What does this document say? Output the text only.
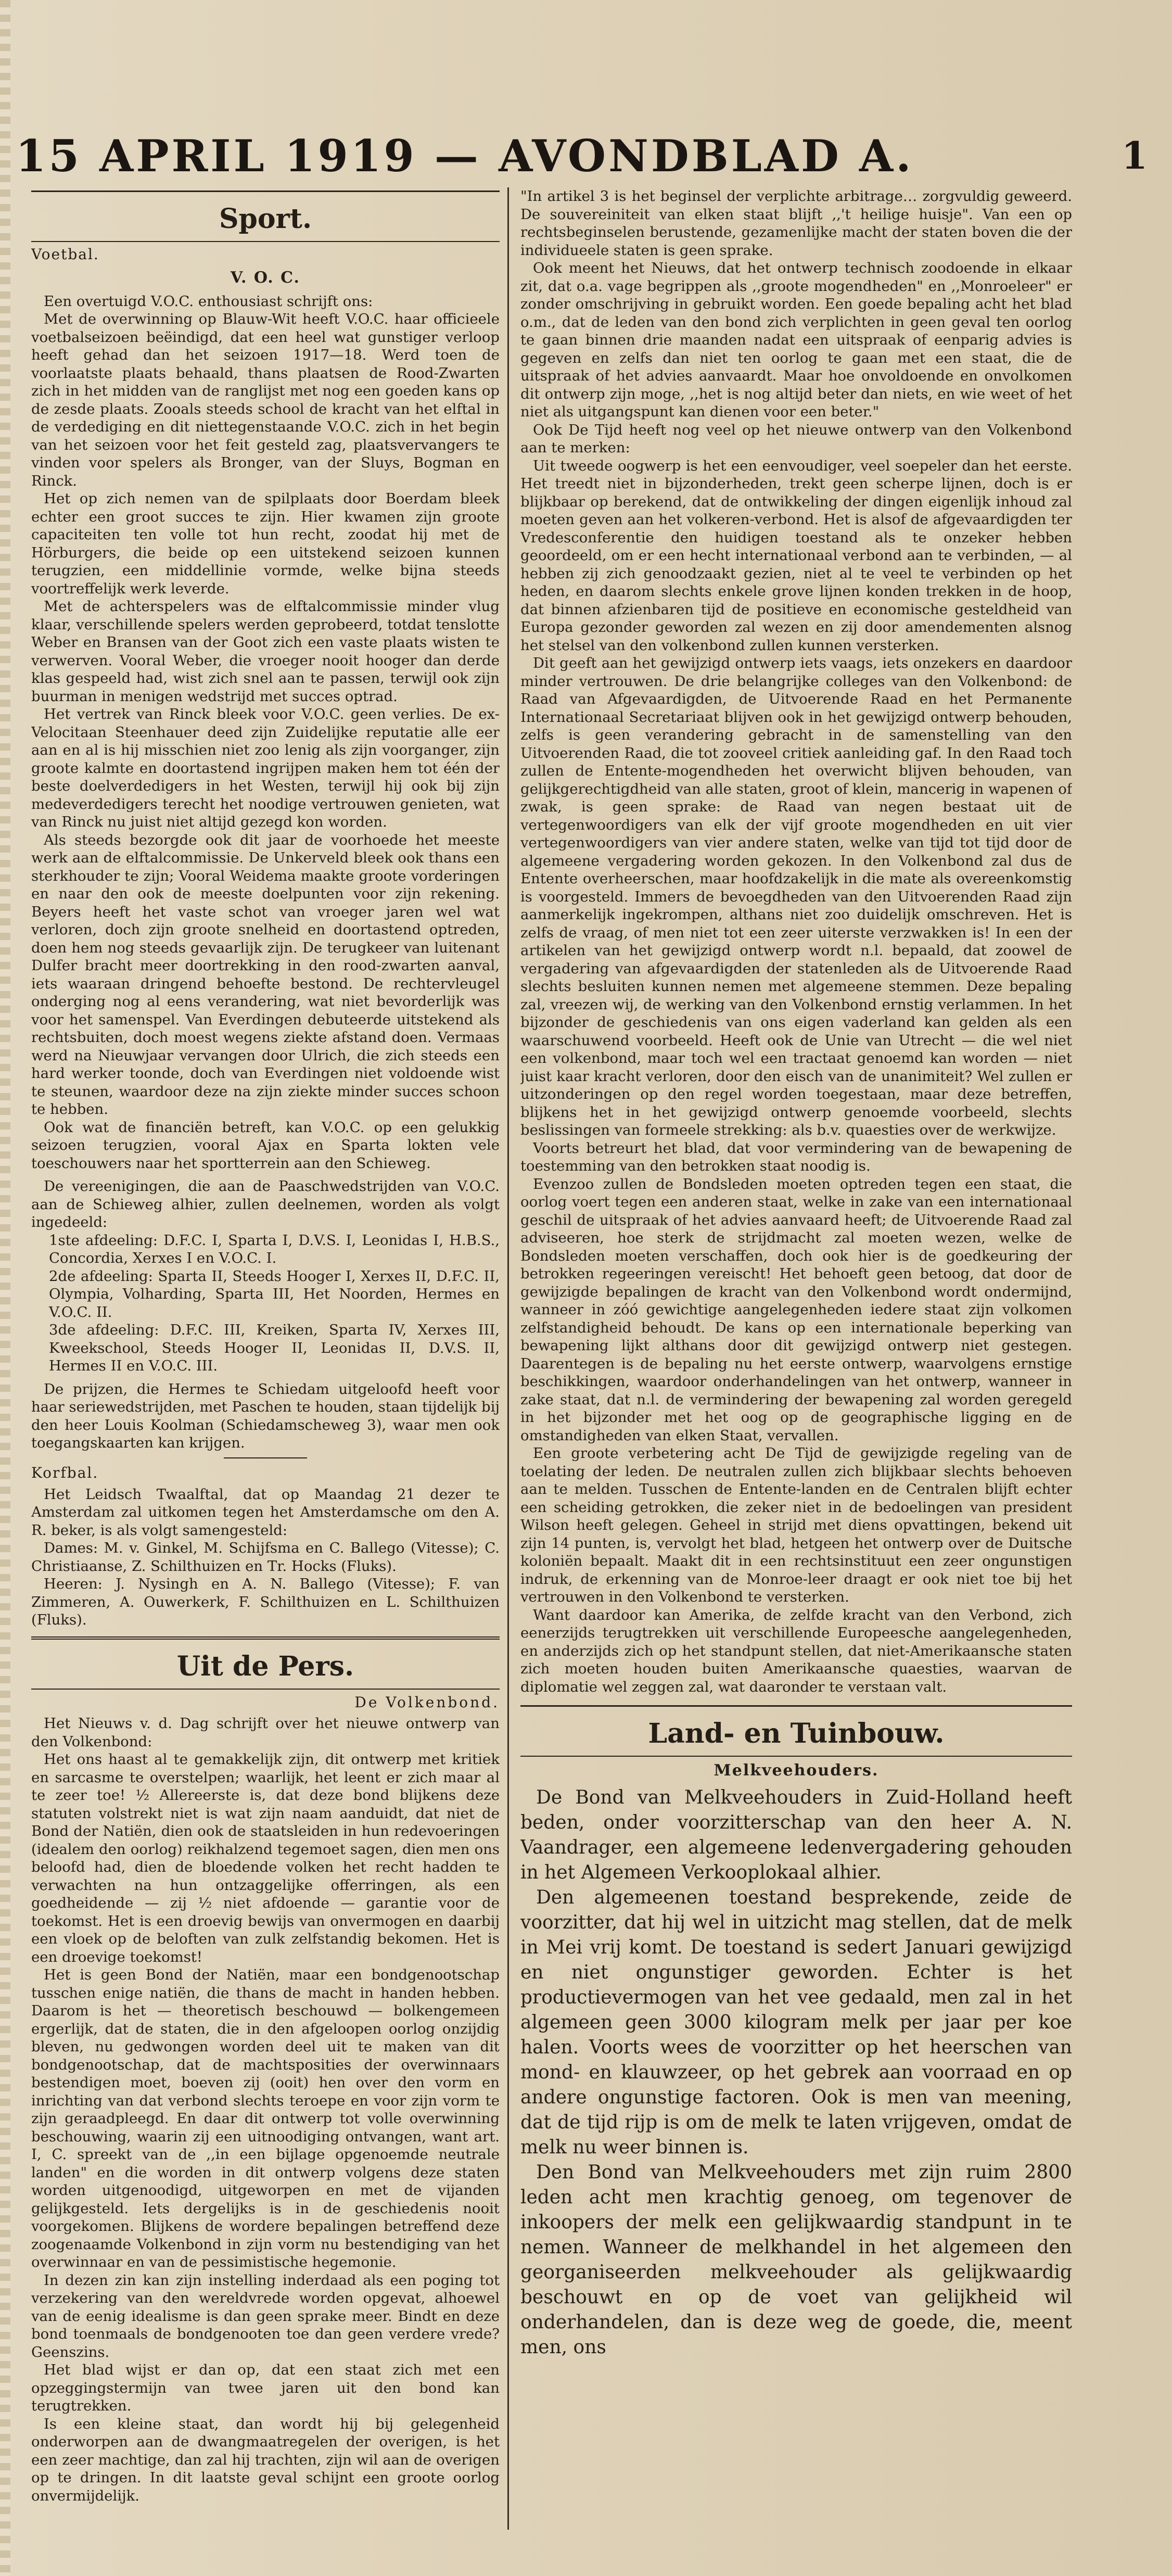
15 APRIL 1919 — AVONDBLAD A.	1
Sport.
Voetbal.
V. O. C.

Een overtuigd V.O.C. enthousiast schrijft ons:

Met de overwinning op Blauw-Wit heeft V.O.C. haar officieele voetbalseizoen beëindigd, dat een heel wat gunstiger verloop heeft gehad dan het seizoen 1917—18. Werd toen de voorlaatste plaats behaald, thans plaatsen de Rood-Zwarten zich in het midden van de ranglijst met nog een goeden kans op de zesde plaats. Zooals steeds school de kracht van het elftal in de verdediging en dit niettegenstaande V.O.C. zich in het begin van het seizoen voor het feit gesteld zag, plaatsvervangers te vinden voor spelers als Bronger, van der Sluys, Bogman en Rinck.

Het op zich nemen van de spilplaats door Boerdam bleek echter een groot succes te zijn. Hier kwamen zijn groote capaciteiten ten volle tot hun recht, zoodat hij met de Hörburgers, die beide op een uitstekend seizoen kunnen terugzien, een middellinie vormde, welke bijna steeds voortreffelijk werk leverde.

Met de achterspelers was de elftalcommissie minder vlug klaar, verschillende spelers werden geprobeerd, totdat tenslotte Weber en Bransen van der Goot zich een vaste plaats wisten te verwerven. Vooral Weber, die vroeger nooit hooger dan derde klas gespeeld had, wist zich snel aan te passen, terwijl ook zijn buurman in menigen wedstrijd met succes optrad.

Het vertrek van Rinck bleek voor V.O.C. geen verlies. De ex-Velocitaan Steenhauer deed zijn Zuidelijke reputatie alle eer aan en al is hij misschien niet zoo lenig als zijn voorganger, zijn groote kalmte en doortastend ingrijpen maken hem tot één der beste doelverdedigers in het Westen, terwijl hij ook bij zijn medeverdedigers terecht het noodige vertrouwen genieten, wat van Rinck nu juist niet altijd gezegd kon worden.

Als steeds bezorgde ook dit jaar de voorhoede het meeste werk aan de elftalcommissie. De Unkerveld bleek ook thans een sterkhouder te zijn; Vooral Weidema maakte groote vorderingen en naar den ook de meeste doelpunten voor zijn rekening. Beyers heeft het vaste schot van vroeger jaren wel wat verloren, doch zijn groote snelheid en doortastend optreden, doen hem nog steeds gevaarlijk zijn. De terugkeer van luitenant Dulfer bracht meer doortrekking in den rood-zwarten aanval, iets waaraan dringend behoefte bestond. De rechtervleugel onderging nog al eens verandering, wat niet bevorderlijk was voor het samenspel. Van Everdingen debuteerde uitstekend als rechtsbuiten, doch moest wegens ziekte afstand doen. Vermaas werd na Nieuwjaar vervangen door Ulrich, die zich steeds een hard werker toonde, doch van Everdingen niet voldoende wist te steunen, waardoor deze na zijn ziekte minder succes schoon te hebben.

Ook wat de financiën betreft, kan V.O.C. op een gelukkig seizoen terugzien, vooral Ajax en Sparta lokten vele toeschouwers naar het sportterrein aan den Schieweg.

De vereenigingen, die aan de Paaschwedstrijden van V.O.C. aan de Schieweg alhier, zullen deelnemen, worden als volgt ingedeeld:

1ste afdeeling: D.F.C. I, Sparta I, D.V.S. I, Leonidas I, H.B.S., Concordia, Xerxes I en V.O.C. I.

2de afdeeling: Sparta II, Steeds Hooger I, Xerxes II, D.F.C. II, Olympia, Volharding, Sparta III, Het Noorden, Hermes en V.O.C. II.

3de afdeeling: D.F.C. III, Kreiken, Sparta IV, Xerxes III, Kweekschool, Steeds Hooger II, Leonidas II, D.V.S. II, Hermes II en V.O.C. III.

De prijzen, die Hermes te Schiedam uitgeloofd heeft voor haar seriewedstrijden, met Paschen te houden, staan tijdelijk bij den heer Louis Koolman (Schiedamscheweg 3), waar men ook toegangskaarten kan krijgen.

Korfbal.

Het Leidsch Twaalftal, dat op Maandag 21 dezer te Amsterdam zal uitkomen tegen het Amsterdamsche om den A. R. beker, is als volgt samengesteld:

Dames: M. v. Ginkel, M. Schijfsma en C. Ballego (Vitesse); C. Christiaanse, Z. Schilthuizen en Tr. Hocks (Fluks).

Heeren: J. Nysingh en A. N. Ballego (Vitesse); F. van Zimmeren, A. Ouwerkerk, F. Schilthuizen en L. Schilthuizen (Fluks).

Uit de Pers.
De Volkenbond.

Het Nieuws v. d. Dag schrijft over het nieuwe ontwerp van den Volkenbond:

Het ons haast al te gemakkelijk zijn, dit ontwerp met kritiek en sarcasme te overstelpen; waarlijk, het leent er zich maar al te zeer toe! ½ Allereerste is, dat deze bond blijkens deze statuten volstrekt niet is wat zijn naam aanduidt, dat niet de Bond der Natiën, dien ook de staatsleiden in hun redevoeringen (idealem den oorlog) reikhalzend tegemoet sagen, dien men ons beloofd had, dien de bloedende volken het recht hadden te verwachten na hun ontzaggelijke offerringen, als een goedheidende — zij ½ niet afdoende — garantie voor de toekomst. Het is een droevig bewijs van onvermogen en daarbij een vloek op de beloften van zulk zelfstandig bekomen. Het is een droevige toekomst!

Het is geen Bond der Natiën, maar een bondgenootschap tusschen enige natiën, die thans de macht in handen hebben. Daarom is het — theoretisch beschouwd — bolkengemeen ergerlijk, dat de staten, die in den afgeloopen oorlog onzijdig bleven, nu gedwongen worden deel uit te maken van dit bondgenootschap, dat de machtsposities der overwinnaars bestendigen moet, boeven zij (ooit) hen over den vorm en inrichting van dat verbond slechts teroepe en voor zijn vorm te zijn geraadpleegd. En daar dit ontwerp tot volle overwinning beschouwing, waarin zij een uitnoodiging ontvangen, want art. I, C. spreekt van de ,,in een bijlage opgenoemde neutrale landen" en die worden in dit ontwerp volgens deze staten worden uitgenoodigd, uitgeworpen en met de vijanden gelijkgesteld. Iets dergelijks is in de geschiedenis nooit voorgekomen. Blijkens de wordere bepalingen betreffend deze zoogenaamde Volkenbond in zijn vorm nu bestendiging van het overwinnaar en van de pessimistische hegemonie.

In dezen zin kan zijn instelling inderdaad als een poging tot verzekering van den wereldvrede worden opgevat, alhoewel van de eenig idealisme is dan geen sprake meer. Bindt en deze bond toenmaals de bondgenooten toe dan geen verdere vrede? Geenszins.

Het blad wijst er dan op, dat een staat zich met een opzeggingstermijn van twee jaren uit den bond kan terugtrekken.

Is een kleine staat, dan wordt hij bij gelegenheid onderworpen aan de dwangmaatregelen der overigen, is het een zeer machtige, dan zal hij trachten, zijn wil aan de overigen op te dringen. In dit laatste geval schijnt een groote oorlog onvermijdelijk.

"In artikel 3 is het beginsel der verplichte arbitrage… zorgvuldig geweerd. De souvereiniteit van elken staat blijft ,,'t heilige huisje". Van een op rechtsbeginselen berustende, gezamenlijke macht der staten boven die der individueele staten is geen sprake.

Ook meent het Nieuws, dat het ontwerp technisch zoodoende in elkaar zit, dat o.a. vage begrippen als ,,groote mogendheden" en ,,Monroeleer" er zonder omschrijving in gebruikt worden. Een goede bepaling acht het blad o.m., dat de leden van den bond zich verplichten in geen geval ten oorlog te gaan binnen drie maanden nadat een uitspraak of eenparig advies is gegeven en zelfs dan niet ten oorlog te gaan met een staat, die de uitspraak of het advies aanvaardt. Maar hoe onvoldoende en onvolkomen dit ontwerp zijn moge, ,,het is nog altijd beter dan niets, en wie weet of het niet als uitgangspunt kan dienen voor een beter."

Ook De Tijd heeft nog veel op het nieuwe ontwerp van den Volkenbond aan te merken:

Uit tweede oogwerp is het een eenvoudiger, veel soepeler dan het eerste. Het treedt niet in bijzonderheden, trekt geen scherpe lijnen, doch is er blijkbaar op berekend, dat de ontwikkeling der dingen eigenlijk inhoud zal moeten geven aan het volkeren-verbond. Het is alsof de afgevaardigden ter Vredesconferentie den huidigen toestand als te onzeker hebben geoordeeld, om er een hecht internationaal verbond aan te verbinden, — al hebben zij zich genoodzaakt gezien, niet al te veel te verbinden op het heden, en daarom slechts enkele grove lijnen konden trekken in de hoop, dat binnen afzienbaren tijd de positieve en economische gesteldheid van Europa gezonder geworden zal wezen en zij door amendementen alsnog het stelsel van den volkenbond zullen kunnen versterken.

Dit geeft aan het gewijzigd ontwerp iets vaags, iets onzekers en daardoor minder vertrouwen. De drie belangrijke colleges van den Volkenbond: de Raad van Afgevaardigden, de Uitvoerende Raad en het Permanente Internationaal Secretariaat blijven ook in het gewijzigd ontwerp behouden, zelfs is geen verandering gebracht in de samenstelling van den Uitvoerenden Raad, die tot zooveel critiek aanleiding gaf. In den Raad toch zullen de Entente-mogendheden het overwicht blijven behouden, van gelijkgerechtigdheid van alle staten, groot of klein, mancerig in wapenen of zwak, is geen sprake: de Raad van negen bestaat uit de vertegenwoordigers van elk der vijf groote mogendheden en uit vier vertegenwoordigers van vier andere staten, welke van tijd tot tijd door de algemeene vergadering worden gekozen. In den Volkenbond zal dus de Entente overheerschen, maar hoofdzakelijk in die mate als overeenkomstig is voorgesteld. Immers de bevoegdheden van den Uitvoerenden Raad zijn aanmerkelijk ingekrompen, althans niet zoo duidelijk omschreven. Het is zelfs de vraag, of men niet tot een zeer uiterste verzwakken is! In een der artikelen van het gewijzigd ontwerp wordt n.l. bepaald, dat zoowel de vergadering van afgevaardigden der statenleden als de Uitvoerende Raad slechts besluiten kunnen nemen met algemeene stemmen. Deze bepaling zal, vreezen wij, de werking van den Volkenbond ernstig verlammen. In het bijzonder de geschiedenis van ons eigen vaderland kan gelden als een waarschuwend voorbeeld. Heeft ook de Unie van Utrecht — die wel niet een volkenbond, maar toch wel een tractaat genoemd kan worden — niet juist kaar kracht verloren, door den eisch van de unanimiteit? Wel zullen er uitzonderingen op den regel worden toegestaan, maar deze betreffen, blijkens het in het gewijzigd ontwerp genoemde voorbeeld, slechts beslissingen van formeele strekking: als b.v. quaesties over de werkwijze.

Voorts betreurt het blad, dat voor vermindering van de bewapening de toestemming van den betrokken staat noodig is.

Evenzoo zullen de Bondsleden moeten optreden tegen een staat, die oorlog voert tegen een anderen staat, welke in zake van een internationaal geschil de uitspraak of het advies aanvaard heeft; de Uitvoerende Raad zal adviseeren, hoe sterk de strijdmacht zal moeten wezen, welke de Bondsleden moeten verschaffen, doch ook hier is de goedkeuring der betrokken regeeringen vereischt! Het behoeft geen betoog, dat door de gewijzigde bepalingen de kracht van den Volkenbond wordt ondermijnd, wanneer in zóó gewichtige aangelegenheden iedere staat zijn volkomen zelfstandigheid behoudt. De kans op een internationale beperking van bewapening lijkt althans door dit gewijzigd ontwerp niet gestegen. Daarentegen is de bepaling nu het eerste ontwerp, waarvolgens ernstige beschikkingen, waardoor onderhandelingen van het ontwerp, wanneer in zake staat, dat n.l. de vermindering der bewapening zal worden geregeld in het bijzonder met het oog op de geographische ligging en de omstandigheden van elken Staat, vervallen.

Een groote verbetering acht De Tijd de gewijzigde regeling van de toelating der leden. De neutralen zullen zich blijkbaar slechts behoeven aan te melden. Tusschen de Entente-landen en de Centralen blijft echter een scheiding getrokken, die zeker niet in de bedoelingen van president Wilson heeft gelegen. Geheel in strijd met diens opvattingen, bekend uit zijn 14 punten, is, vervolgt het blad, hetgeen het ontwerp over de Duitsche koloniën bepaalt. Maakt dit in een rechtsinstituut een zeer ongunstigen indruk, de erkenning van de Monroe-leer draagt er ook niet toe bij het vertrouwen in den Volkenbond te versterken.

Want daardoor kan Amerika, de zelfde kracht van den Verbond, zich eenerzijds terugtrekken uit verschillende Europeesche aangelegenheden, en anderzijds zich op het standpunt stellen, dat niet-Amerikaansche staten zich moeten houden buiten Amerikaansche quaesties, waarvan de diplomatie wel zeggen zal, wat daaronder te verstaan valt.

Land- en Tuinbouw.
Melkveehouders.

De Bond van Melkveehouders in Zuid-Holland heeft beden, onder voorzitterschap van den heer A. N. Vaandrager, een algemeene ledenvergadering gehouden in het Algemeen Verkooplokaal alhier.

Den algemeenen toestand besprekende, zeide de voorzitter, dat hij wel in uitzicht mag stellen, dat de melk in Mei vrij komt. De toestand is sedert Januari gewijzigd en niet ongunstiger geworden. Echter is het productievermogen van het vee gedaald, men zal in het algemeen geen 3000 kilogram melk per jaar per koe halen. Voorts wees de voorzitter op het heerschen van mond- en klauwzeer, op het gebrek aan voorraad en op andere ongunstige factoren. Ook is men van meening, dat de tijd rijp is om de melk te laten vrijgeven, omdat de melk nu weer binnen is.

Den Bond van Melkveehouders met zijn ruim 2800 leden acht men krachtig genoeg, om tegenover de inkoopers der melk een gelijkwaardig standpunt in te nemen. Wanneer de melkhandel in het algemeen den georganiseerden melkveehouder als gelijkwaardig beschouwt en op de voet van gelijkheid wil onderhandelen, dan is deze weg de goede, die, meent men, ons
